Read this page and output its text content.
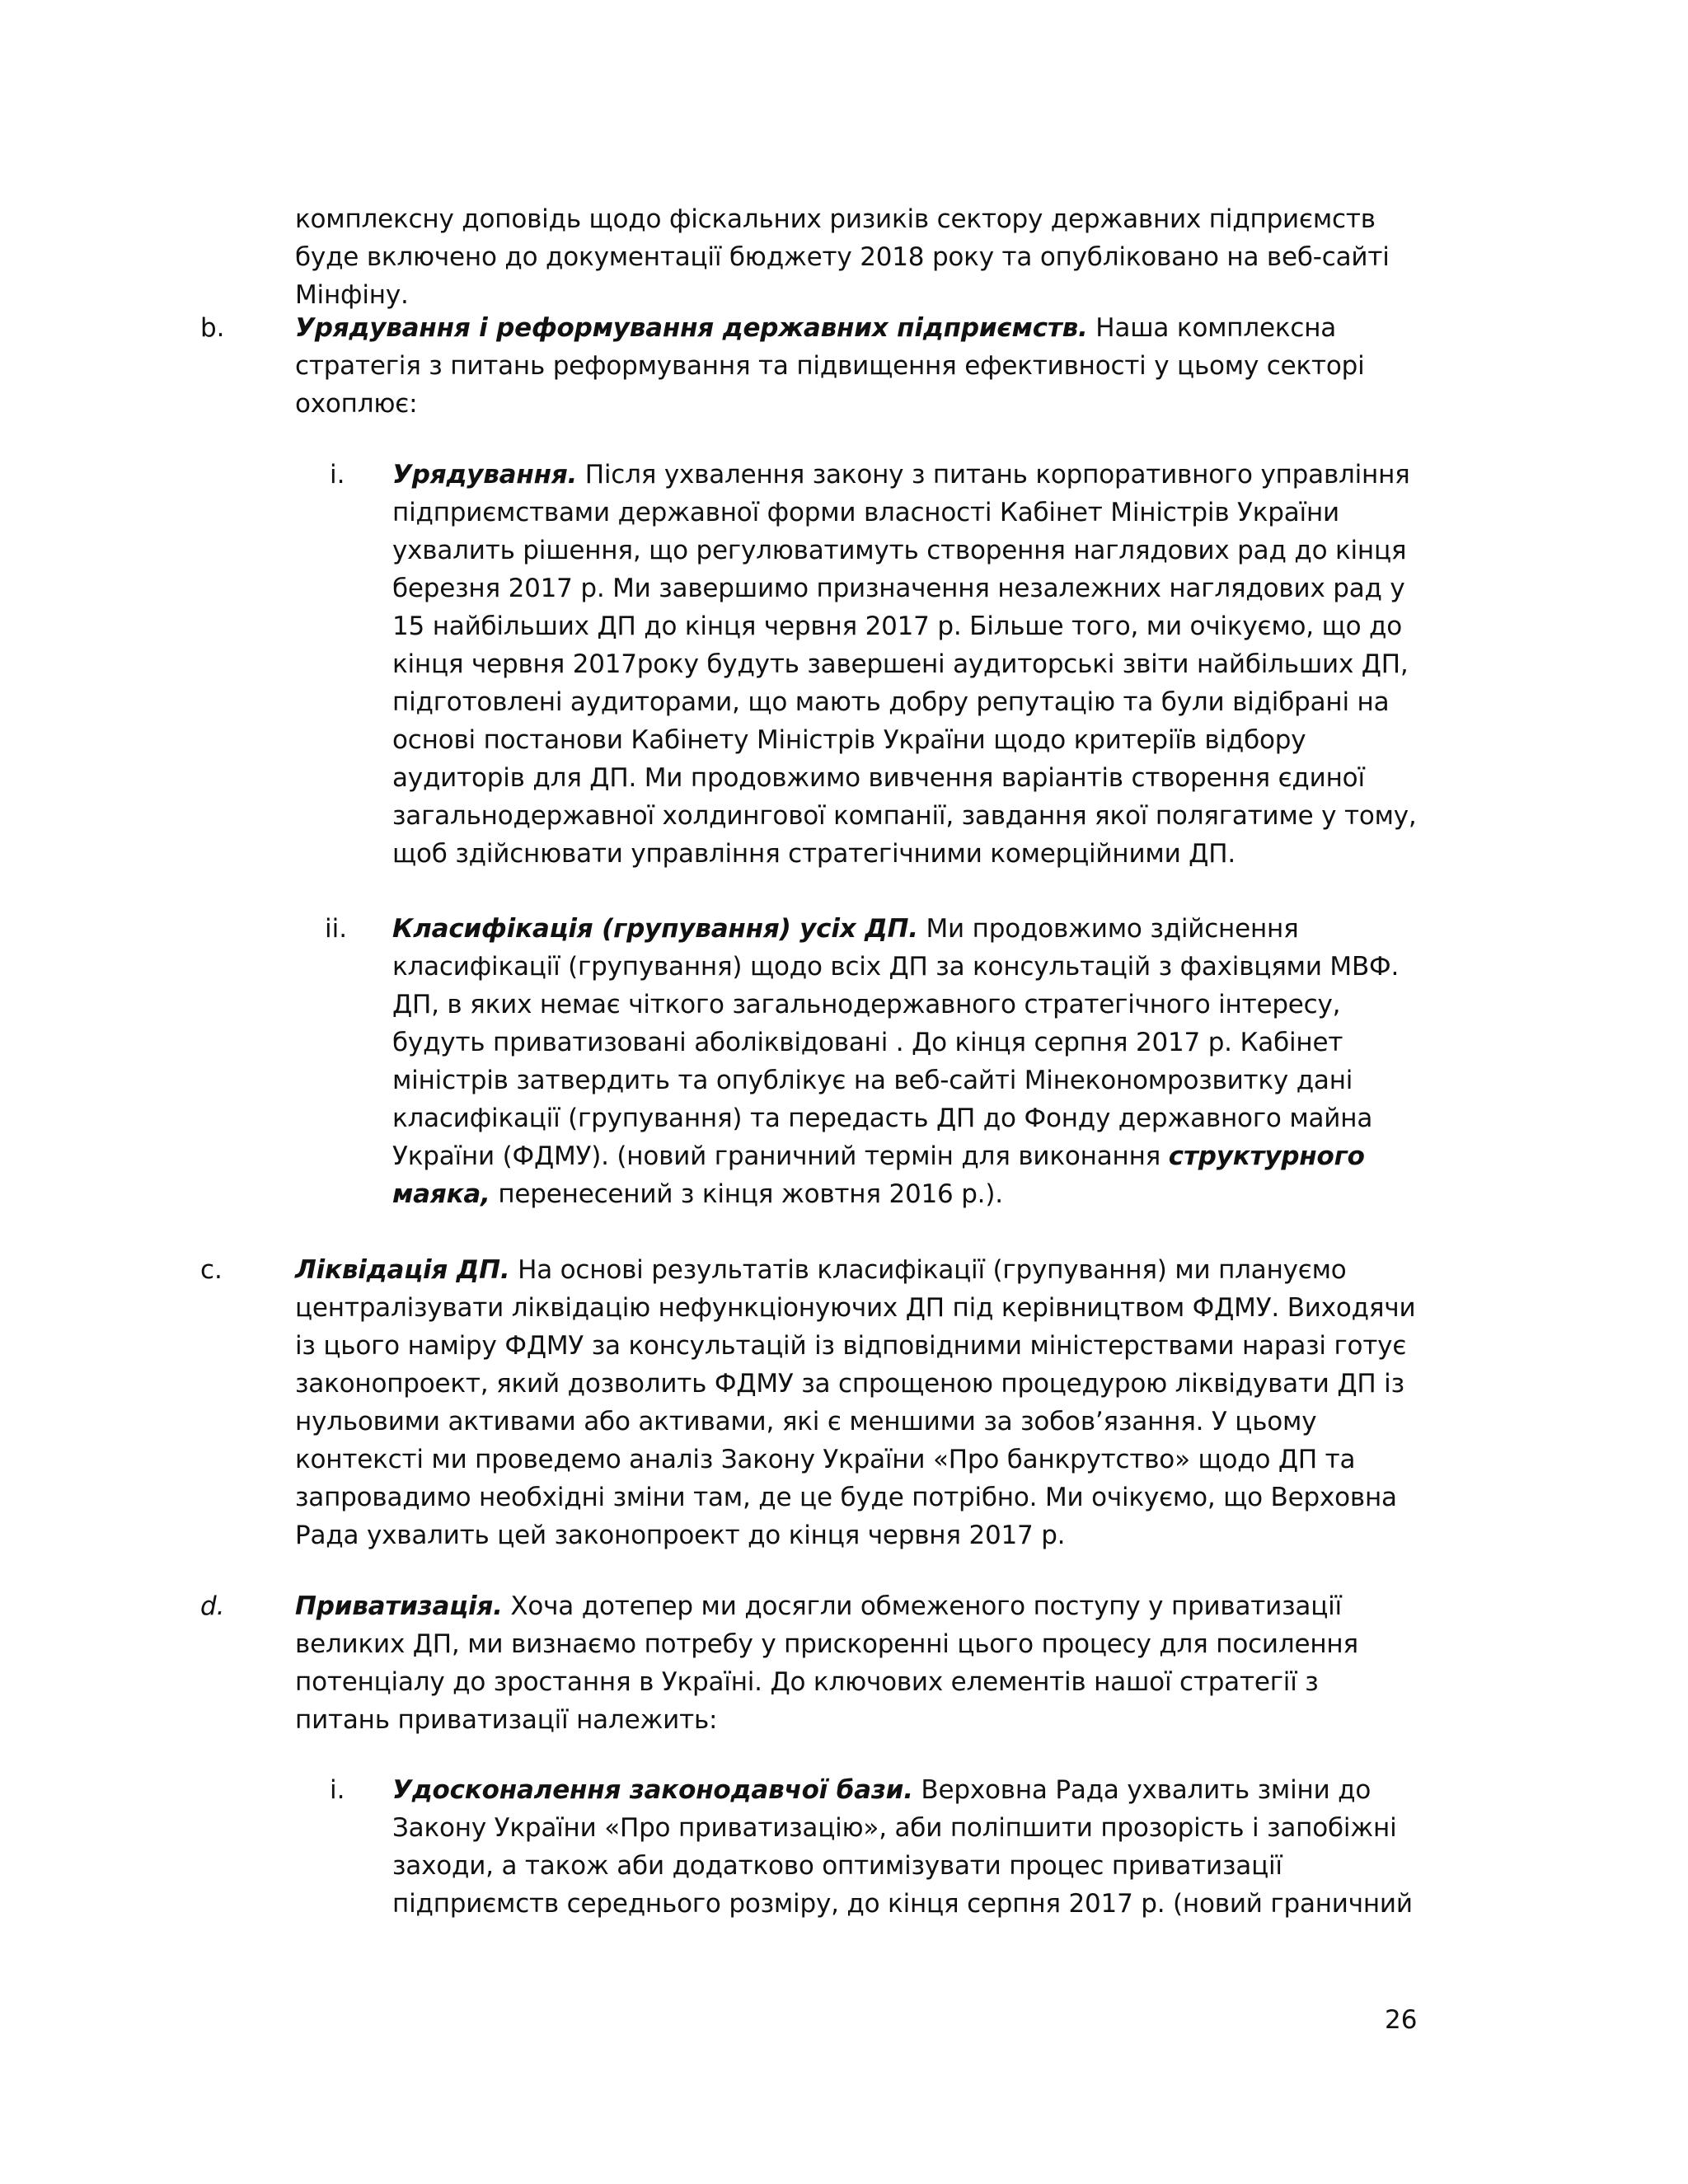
комплексну доповідь щодо фіскальних ризиків сектору державних підприємств буде включено до документації бюджету 2018 року та опубліковано на веб-сайті Мінфіну.
b.	Урядування і реформування державних підприємств. Наша комплексна стратегія з питань реформування та підвищення ефективності у цьому секторі охоплює:
i. Урядування. Після ухвалення закону з питань корпоративного управління підприємствами державної форми власності Кабінет Міністрів України ухвалить рішення, що регулюватимуть створення наглядових рад до кінця березня 2017 р. Ми завершимо призначення незалежних наглядових рад у 15 найбільших ДП до кінця червня 2017 р. Більше того, ми очікуємо, що до кінця червня 2017року будуть завершені аудиторські звіти найбільших ДП, підготовлені аудиторами, що мають добру репутацію та були відібрані на основі постанови Кабінету Міністрів України щодо критеріїв відбору аудиторів для ДП. Ми продовжимо вивчення варіантів створення єдиної загальнодержавної холдингової компанії, завдання якої полягатиме у тому, щоб здійснювати управління стратегічними комерційними ДП.
ii. Класифікація (групування) усіх ДП. Ми продовжимо здійснення класифікації (групування) щодо всіх ДП за консультацій з фахівцями МВФ. ДП, в яких немає чіткого загальнодержавного стратегічного інтересу, будуть приватизовані аболіквідовані . До кінця серпня 2017 р. Кабінет міністрів затвердить та опублікує на веб-сайті Мінекономрозвитку дані класифікації (групування) та передасть ДП до Фонду державного майна України (ФДМУ). (новий граничний термін для виконання структурного маяка, перенесений з кінця жовтня 2016 р.).
c.	Ліквідація ДП. На основі результатів класифікації (групування) ми плануємо централізувати ліквідацію нефункціонуючих ДП під керівництвом ФДМУ. Виходячи із цього наміру ФДМУ за консультацій із відповідними міністерствами наразі готує законопроект, який дозволить ФДМУ за спрощеною процедурою ліквідувати ДП із нульовими активами або активами, які є меншими за зобов’язання. У цьому контексті ми проведемо аналіз Закону України «Про банкрутство» щодо ДП та запровадимо необхідні зміни там, де це буде потрібно. Ми очікуємо, що Верховна Рада ухвалить цей законопроект до кінця червня 2017 р.
d.	Приватизація. Хоча дотепер ми досягли обмеженого поступу у приватизації великих ДП, ми визнаємо потребу у прискоренні цього процесу для посилення потенціалу до зростання в Україні. До ключових елементів нашої стратегії з питань приватизації належить:
i. Удосконалення законодавчої бази. Верховна Рада ухвалить зміни до Закону України «Про приватизацію», аби поліпшити прозорість і запобіжні заходи, а також аби додатково оптимізувати процес приватизації підприємств середнього розміру, до кінця серпня 2017 р. (новий граничний
26
